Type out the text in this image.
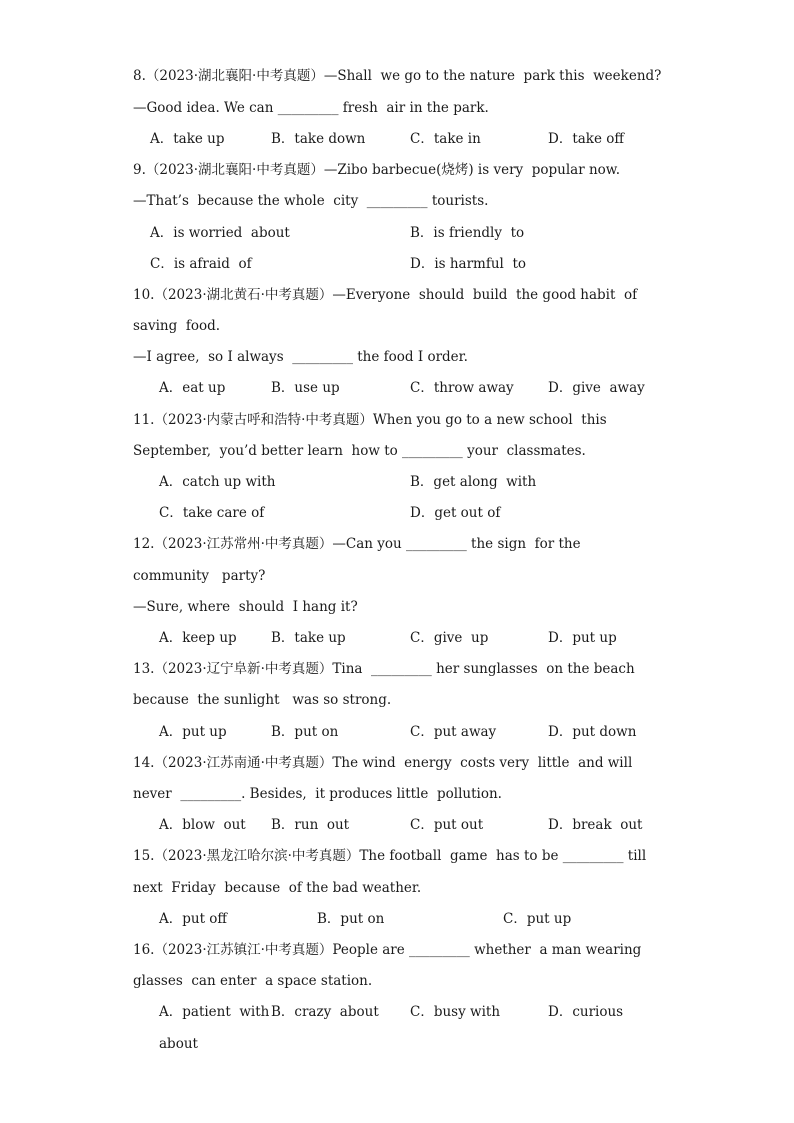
8.（2023·湖北襄阳·中考真题）—Shall  we go to the nature  park this  weekend?
—Good idea. We can _________ fresh  air in the park.
A．take up	B．take down	C．take in	D．take off
9.（2023·湖北襄阳·中考真题）—Zibo barbecue(烧烤) is very  popular now.
—That’s  because the whole  city  _________ tourists.
A．is worried  about	B．is friendly  to
C．is afraid  of	D．is harmful  to
10.（2023·湖北黄石·中考真题）—Everyone  should  build  the good habit  of
saving  food.
—I agree,  so I always  _________ the food I order.
A．eat up	B．use up	C．throw away	D．give  away
11.（2023·内蒙古呼和浩特·中考真题）When you go to a new school  this
September,  you’d better learn  how to _________ your  classmates.
A．catch up with	B．get along  with
C．take care of	D．get out of
12.（2023·江苏常州·中考真题）—Can you _________ the sign  for the
community   party?
—Sure, where  should  I hang it?
A．keep up	B．take up	C．give  up	D．put up
13.（2023·辽宁阜新·中考真题）Tina  _________ her sunglasses  on the beach
because  the sunlight   was so strong.
A．put up	B．put on	C．put away	D．put down
14.（2023·江苏南通·中考真题）The wind  energy  costs very  little  and will
never  _________. Besides,  it produces little  pollution.
A．blow  out B．run  out	C．put out	D．break  out
15.（2023·黑龙江哈尔滨·中考真题）The football  game  has to be _________ till
next  Friday  because  of the bad weather.
A．put off	B．put on	C．put up
16.（2023·江苏镇江·中考真题）People are _________ whether  a man wearing
glasses  can enter  a space station.
A．patient  with B．crazy  about C．busy with	D．curious
about
